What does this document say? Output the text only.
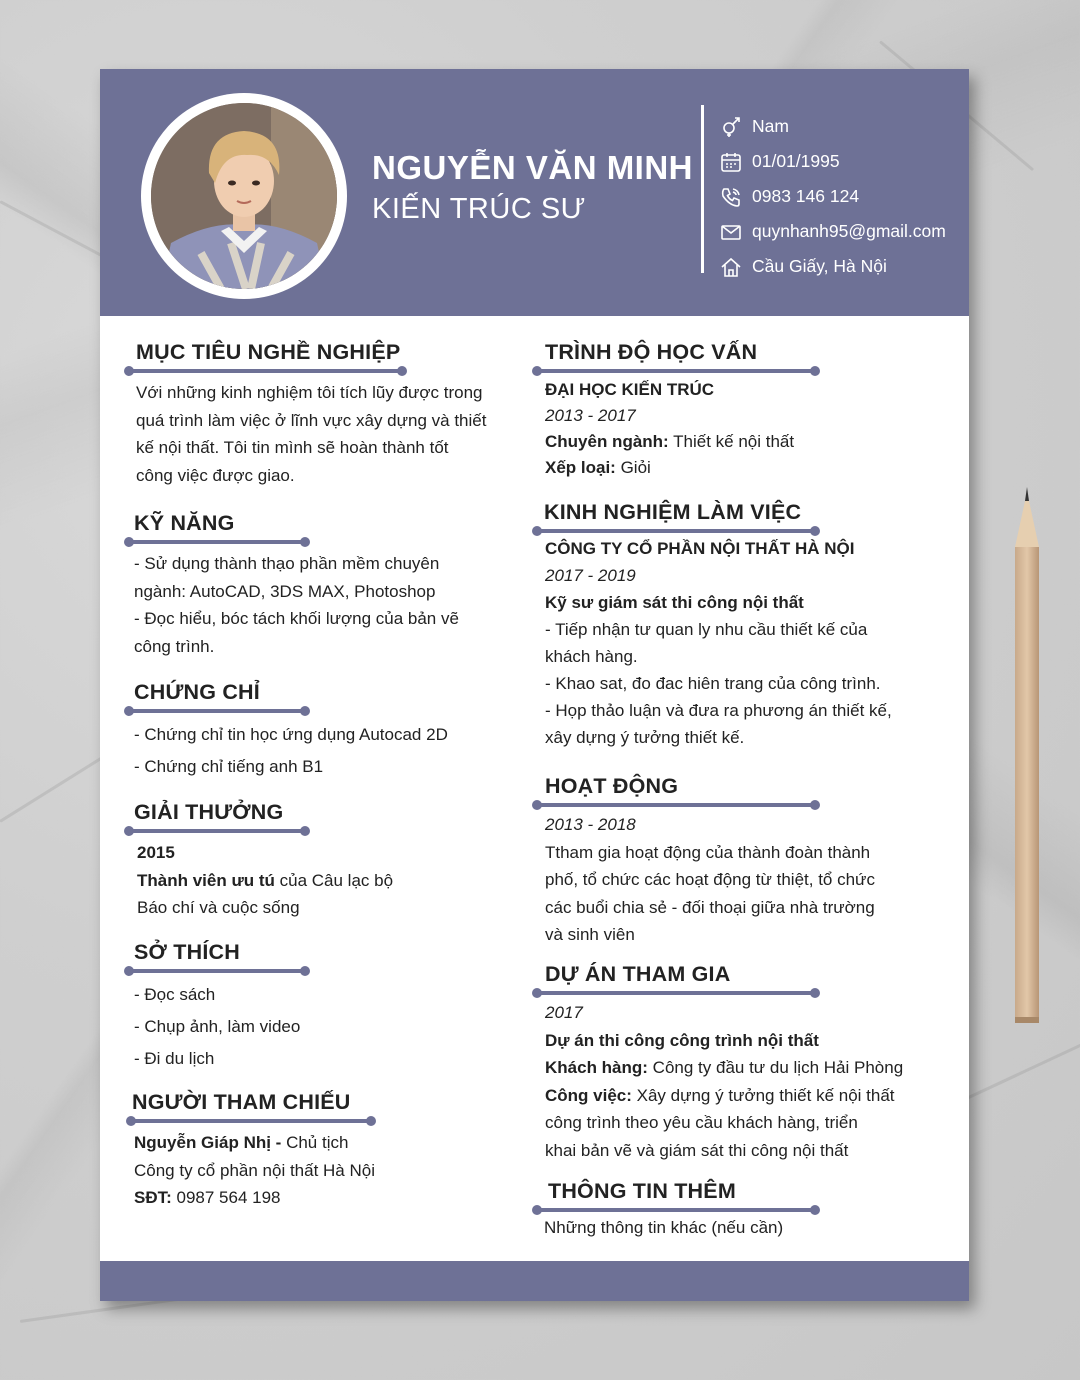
NGUYỄN VĂN MINH
KIẾN TRÚC SƯ
Nam
01/01/1995
0983 146 124
quynhanh95@gmail.com
Cầu Giấy, Hà Nội
MỤC TIÊU NGHỀ NGHIỆP

Với những kinh nghiệm tôi tích lũy được trong

quá trình làm việc ở lĩnh vực xây dựng và thiết

kế nội thất. Tôi tin mình sẽ hoàn thành tốt

công việc được giao.

KỸ NĂNG

- Sử dụng thành thạo phần mềm chuyên

ngành: AutoCAD, 3DS MAX, Photoshop

- Đọc hiểu, bóc tách khối lượng của bản vẽ

công trình.

CHỨNG CHỈ

- Chứng chỉ tin học ứng dụng Autocad 2D

- Chứng chỉ tiếng anh B1

GIẢI THƯỞNG

2015

Thành viên ưu tú của Câu lạc bộ

Báo chí và cuộc sống

SỞ THÍCH

- Đọc sách

- Chụp ảnh, làm video

- Đi du lịch

NGƯỜI THAM CHIẾU

Nguyễn Giáp Nhị - Chủ tịch

Công ty cổ phần nội thất Hà Nội

SĐT: 0987 564 198

TRÌNH ĐỘ HỌC VẤN

ĐẠI HỌC KIẾN TRÚC

2013 - 2017

Chuyên ngành: Thiết kế nội thất

Xếp loại: Giỏi

KINH NGHIỆM LÀM VIỆC

CÔNG TY CỔ PHẦN NỘI THẤT HÀ NỘI

2017 - 2019

Kỹ sư giám sát thi công nội thất

- Tiếp nhận tư quan ly nhu cầu thiết kế của

khách hàng.

- Khao sat, đo đac hiên trang của công trình.

- Họp thảo luận và đưa ra phương án thiết kế,

xây dựng ý tưởng thiết kế.

HOẠT ĐỘNG

2013 - 2018

Ttham gia hoạt động của thành đoàn thành

phố, tổ chức các hoạt động từ thiệt, tổ chức

các buổi chia sẻ - đối thoại giữa nhà trường

và sinh viên

DỰ ÁN THAM GIA

2017

Dự án thi công công trình nội thất

Khách hàng: Công ty đầu tư du lịch Hải Phòng

Công việc: Xây dựng ý tưởng thiết kế nội thất

công trình theo yêu cầu khách hàng, triển

khai bản vẽ và giám sát thi công nội thất

THÔNG TIN THÊM

Những thông tin khác (nếu cần)
